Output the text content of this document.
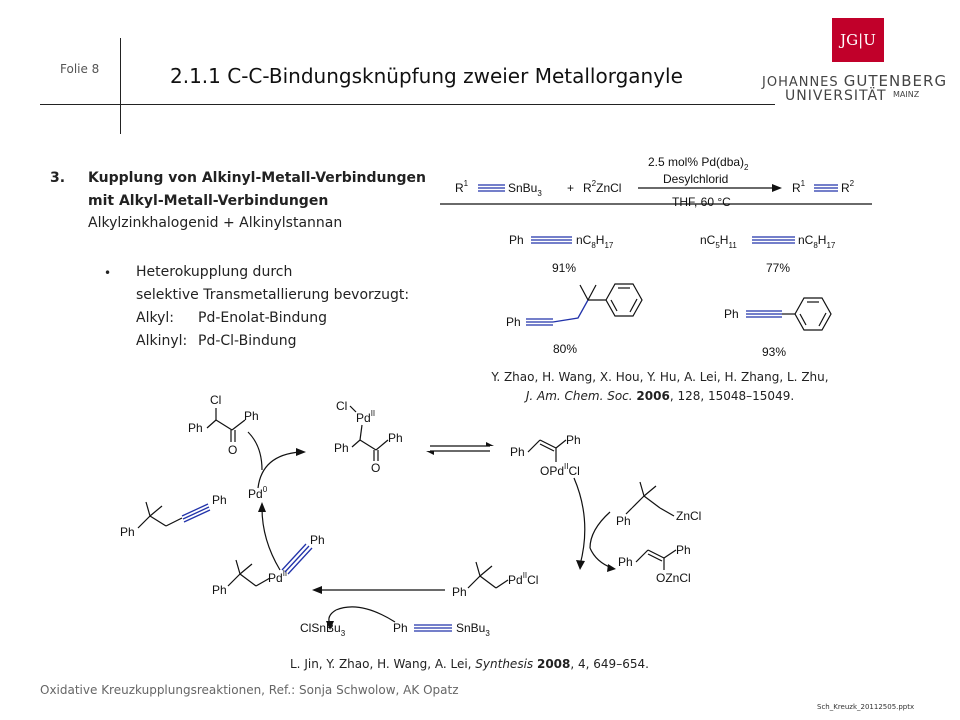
Folie 8	2.1.1 C-C-Bindungsknüpfung zweier Metallorganyle
JG|U
JOHANNES GUTENBERG
UNIVERSITÄT MAINZ
3. Kupplung von Alkinyl-Metall-Verbindungen
mit Alkyl-Metall-Verbindungen
Alkylzinkhalogenid + Alkinylstannan
• Heterokupplung durch
selektive Transmetallierung bevorzugt:
Alkyl: Pd-Enolat-Bindung
Alkinyl: Pd-Cl-Bindung
$R^1$	SnBu$_3$ + $R^2ZnCl$
2.5 mol% $Pd(dba)_2$
Desylchlorid
THF, 60 °C
$R^1$	$R^2$
Ph	$nC_8H_{17}$
91%
$nC_5H_{11}$	$nC_8H_{17}$
77%
Ph
80%
Ph
93%
Cl
Ph
Ph
O
Cl
$Pd^{II}$
Ph
Ph
O
Ph
Ph
OPd$^{II}$Cl
Ph	ZnCl
Ph
Ph
OZnCl
Ph
$Pd^{II}Cl$
ClSnBu$_3$	Ph	SnBu$_3$
Ph
$Pd^{II}$
Ph
Pd$^0$
Ph
Ph
Y. Zhao, H. Wang, X. Hou, Y. Hu, A. Lei, H. Zhang, L. Zhu,
J. Am. Chem. Soc. 2006, 128, 15048–15049.
L. Jin, Y. Zhao, H. Wang, A. Lei, Synthesis 2008, 4, 649–654.
Oxidative Kreuzkupplungsreaktionen, Ref.: Sonja Schwolow, AK Opatz
Sch_Kreuzk_20112505.pptx
